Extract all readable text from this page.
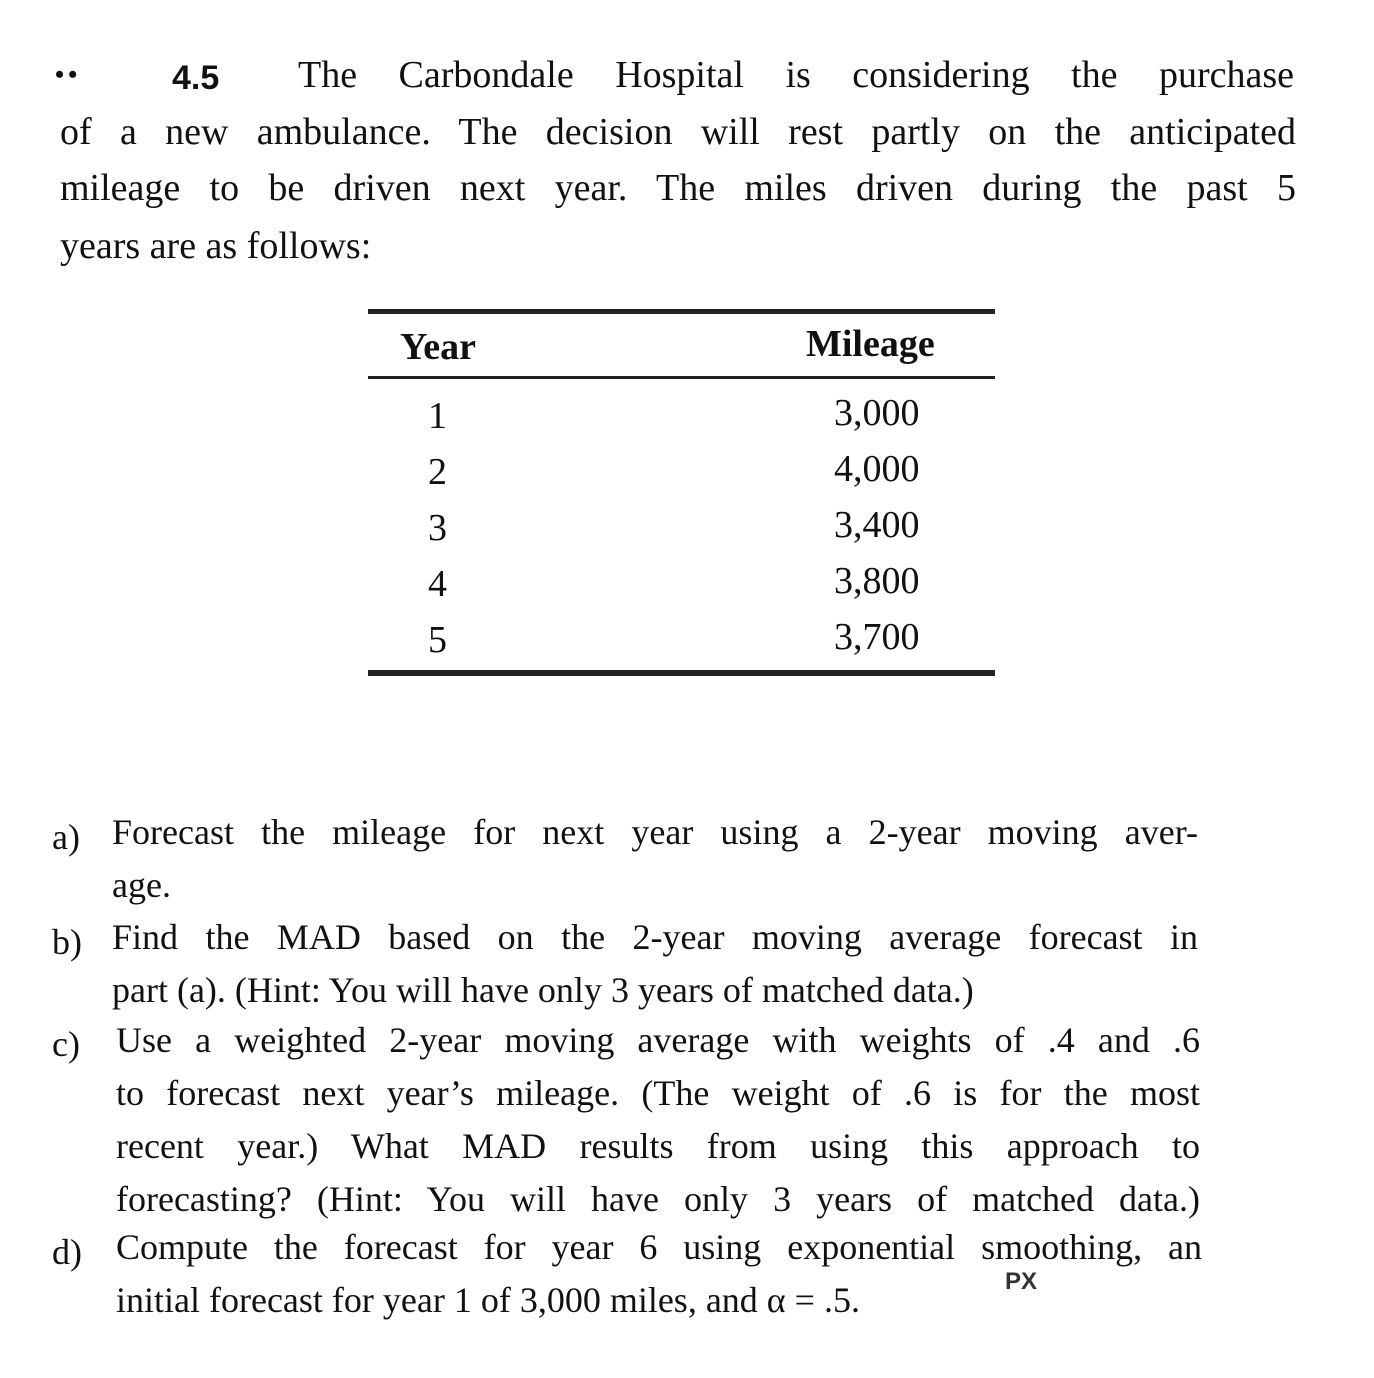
••	4.5 The Carbondale Hospital is considering the purchase
of a new ambulance. The decision will rest partly on the anticipated
mileage to be driven next year. The miles driven during the past 5
years are as follows:
Year	Mileage
1	3,000
2	4,000
3	3,400
4	3,800
5	3,700
a) Forecast the mileage for next year using a 2-year moving aver-
age.
b) Find the MAD based on the 2-year moving average forecast in
part (a). (Hint: You will have only 3 years of matched data.)
c) Use a weighted 2-year moving average with weights of .4 and .6
to forecast next year’s mileage. (The weight of .6 is for the most
recent year.) What MAD results from using this approach to
forecasting? (Hint: You will have only 3 years of matched data.)
d) Compute the forecast for year 6 using exponential smoothing, an
initial forecast for year 1 of 3,000 miles, and α = .5.	PX
